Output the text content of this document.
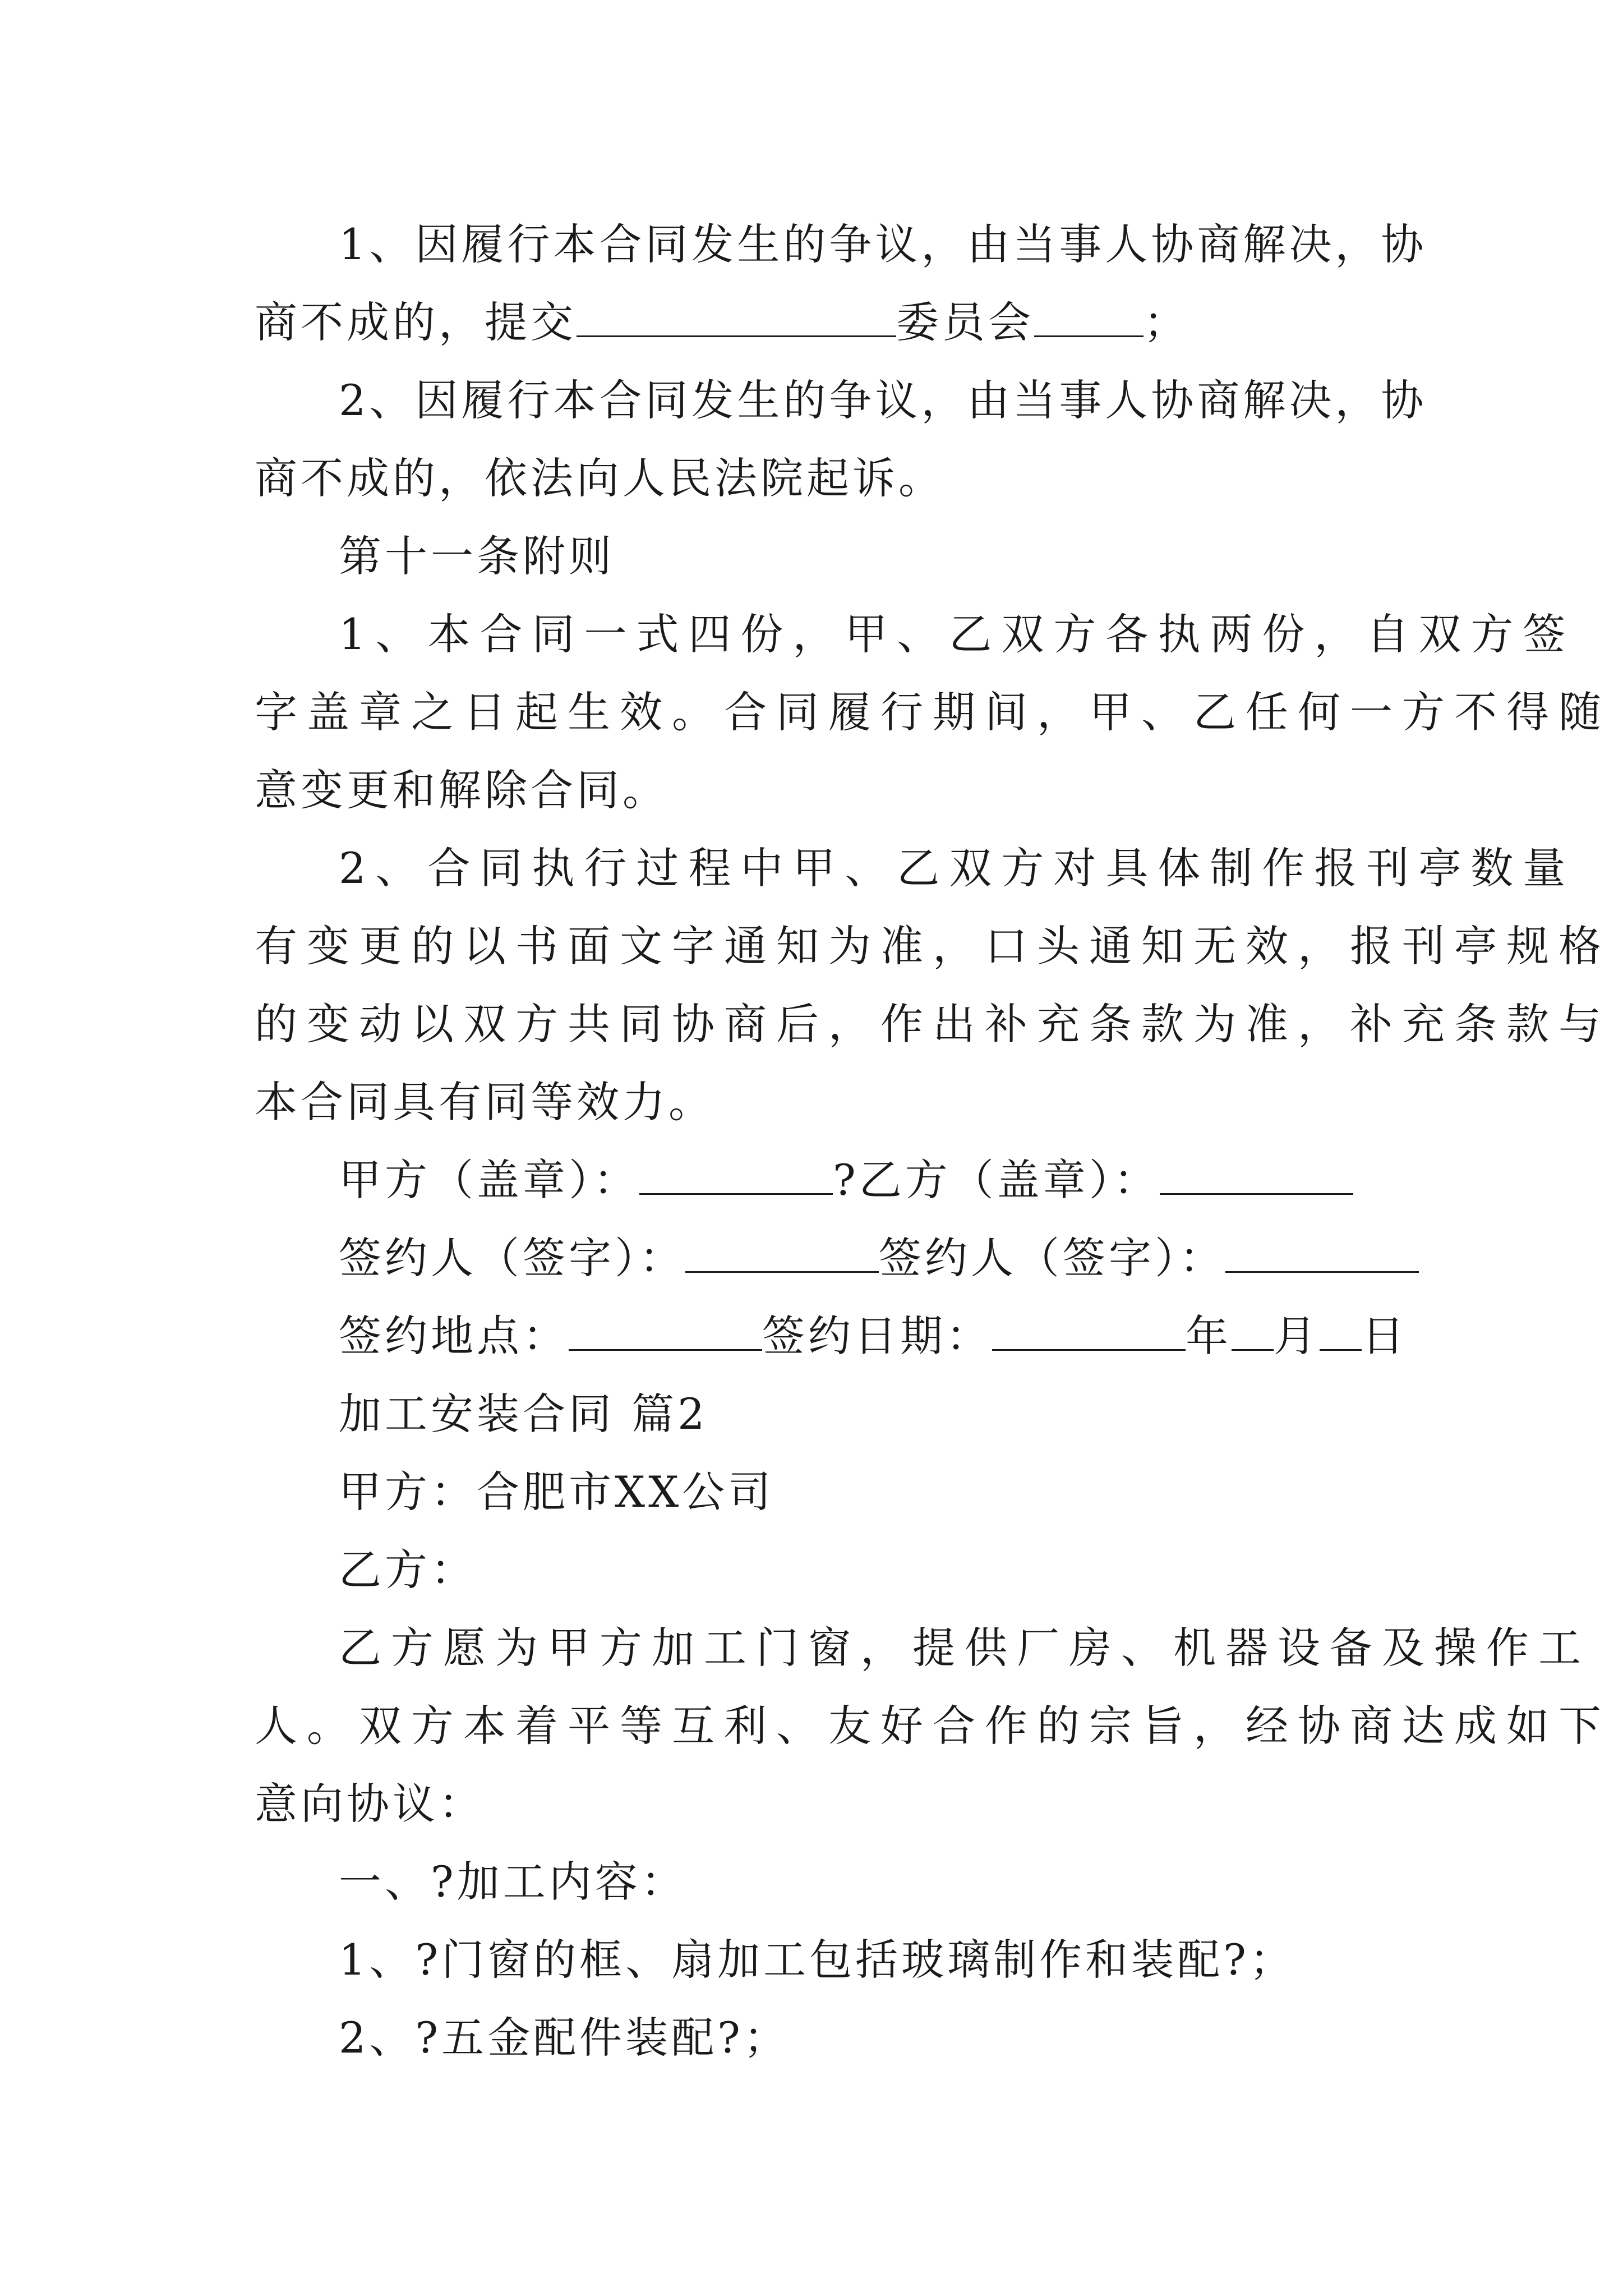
1、因履行本合同发生的争议，由当事人协商解决，协
商不成的，提交	委员会	；
2、因履行本合同发生的争议，由当事人协商解决，协
商不成的，依法向人民法院起诉。
第十一条附则
1、本合同一式四份，甲、乙双方各执两份，自双方签
字盖章之日起生效。合同履行期间，甲、乙任何一方不得随
意变更和解除合同。
2、合同执行过程中甲、乙双方对具体制作报刊亭数量
有变更的以书面文字通知为准，口头通知无效，报刊亭规格
的变动以双方共同协商后，作出补充条款为准，补充条款与
本合同具有同等效力。
甲方（盖章）：	?乙方（盖章）：
签约人（签字）：	签约人（签字）：
签约地点：	签约日期：	年 月 日
加工安装合同 篇2
甲方：合肥市XX公司
乙方：
乙方愿为甲方加工门窗，提供厂房、机器设备及操作工
人。双方本着平等互利、友好合作的宗旨，经协商达成如下
意向协议：
一、?加工内容：
1、?门窗的框、扇加工包括玻璃制作和装配?；
2、?五金配件装配?；
